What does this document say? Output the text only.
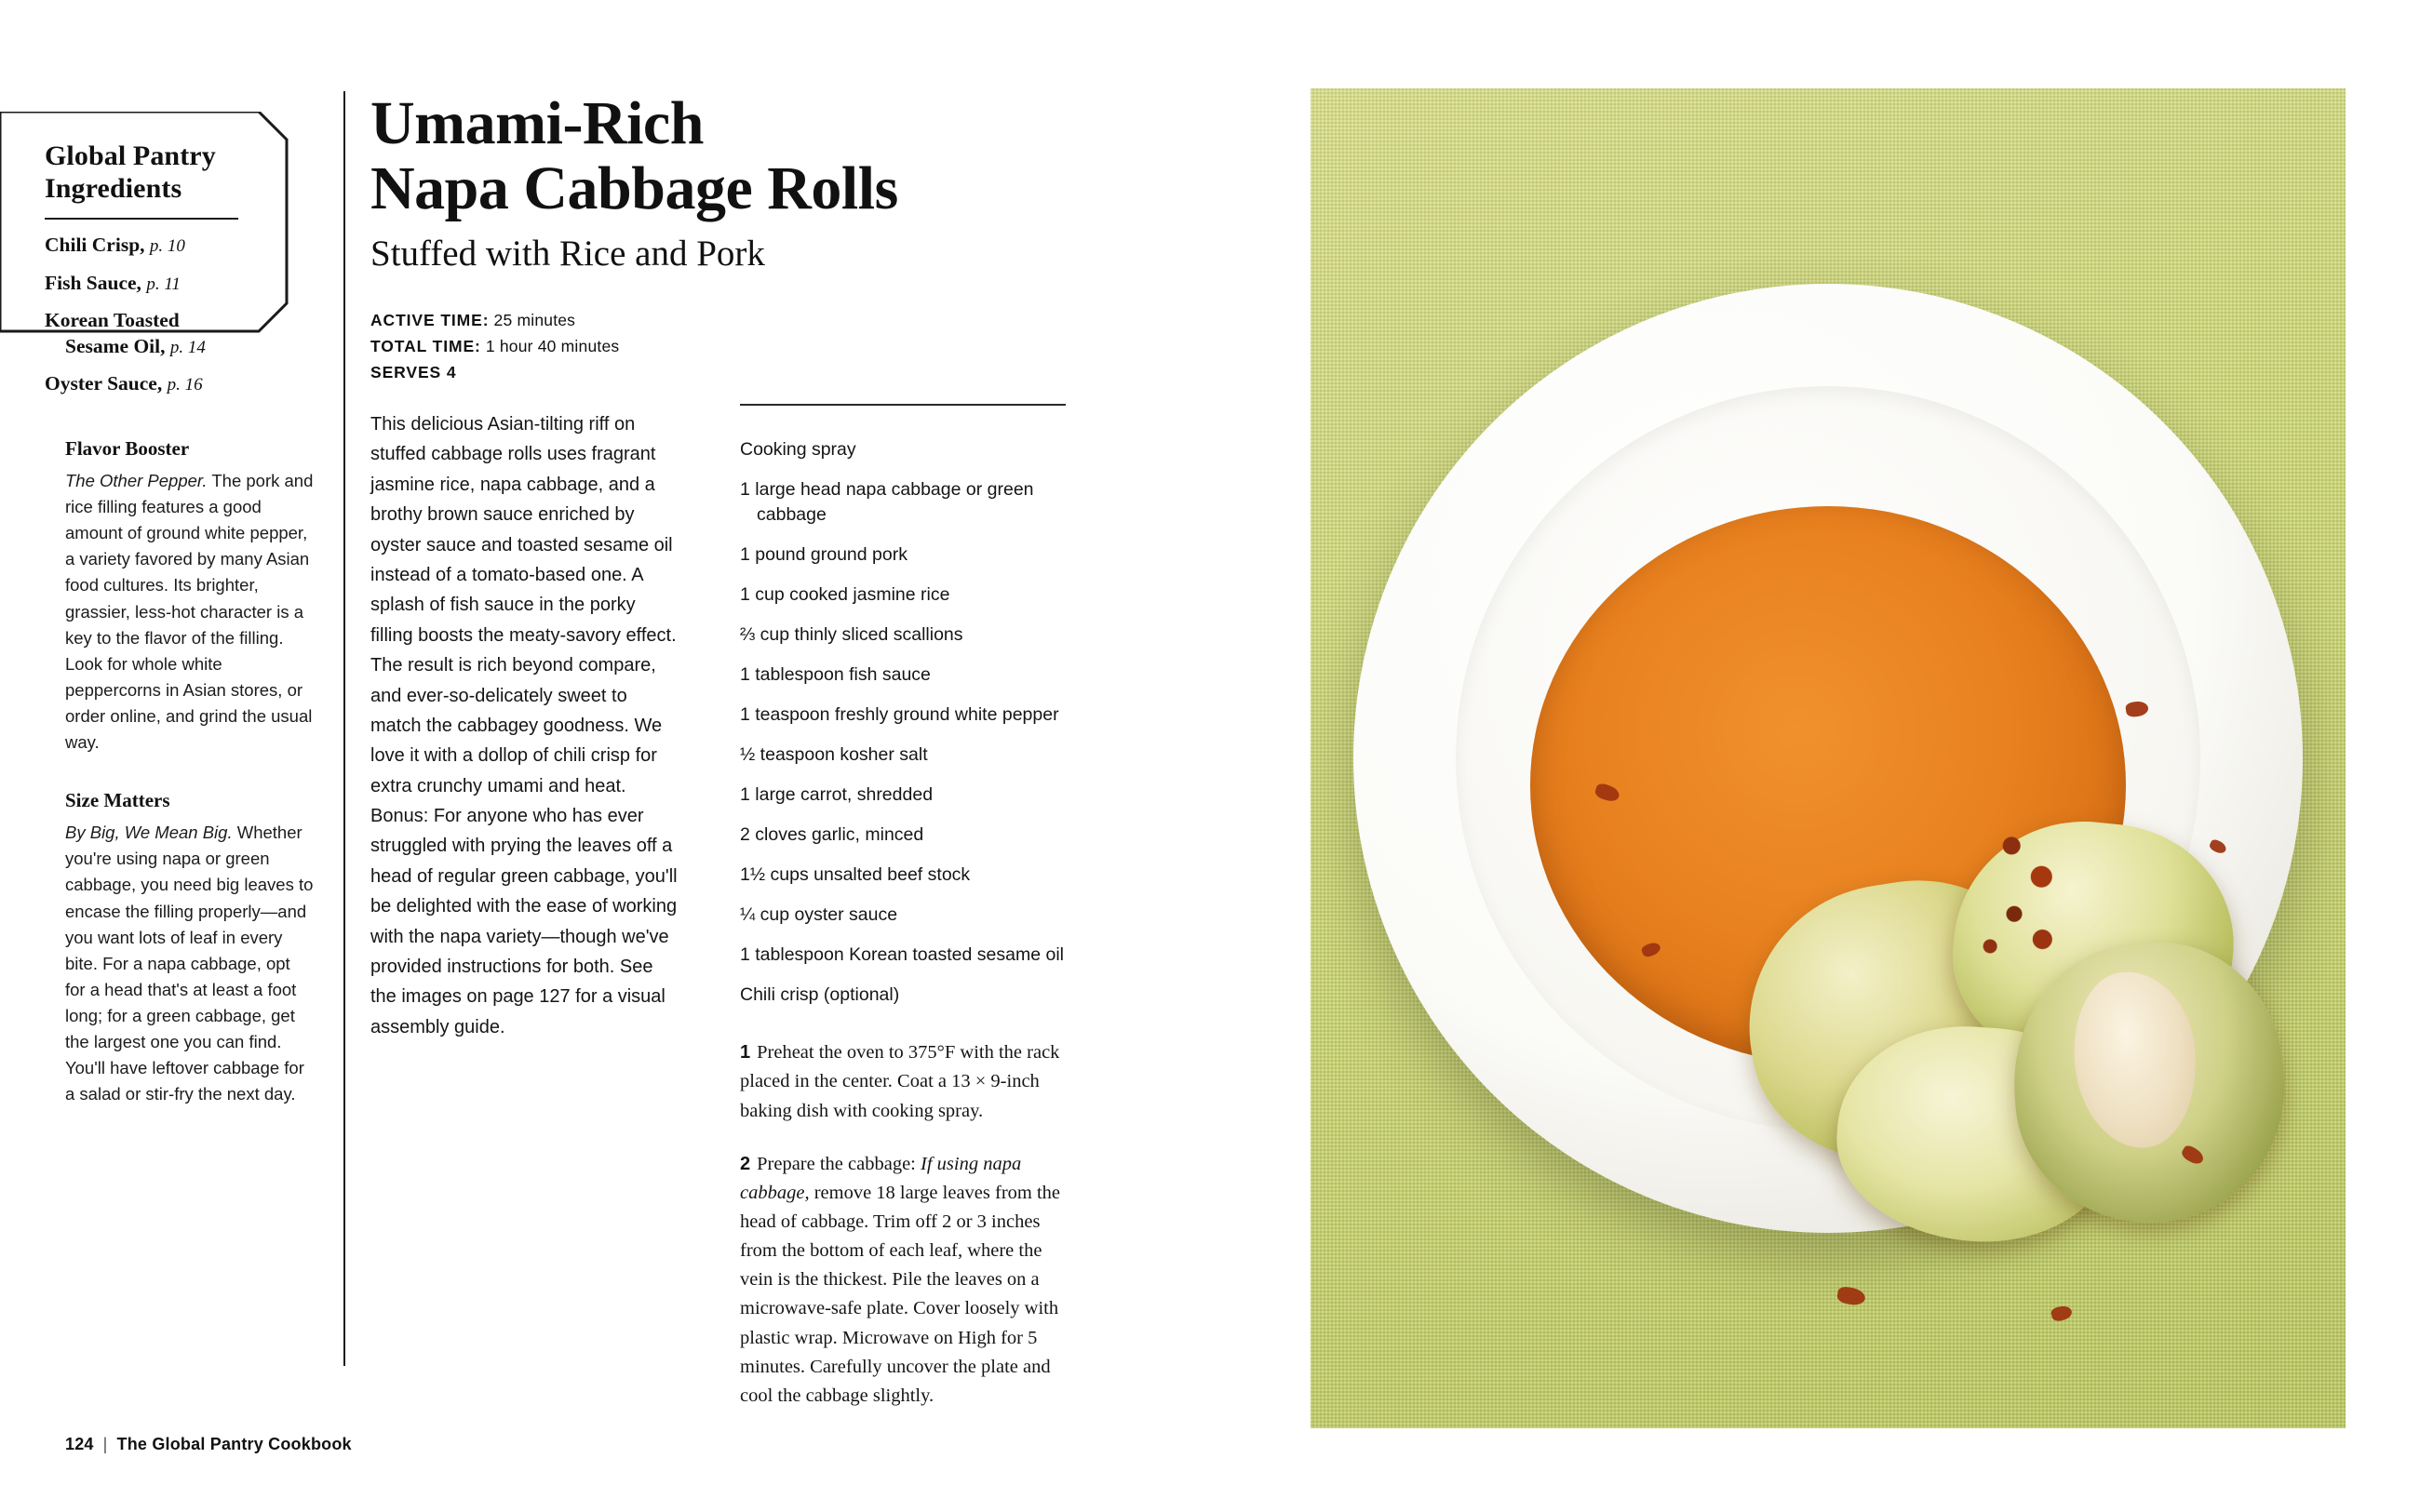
Global Pantry Ingredients
Chili Crisp, p. 10
Fish Sauce, p. 11
Korean Toasted
Sesame Oil, p. 14
Oyster Sauce, p. 16
Flavor Booster

The Other Pepper. The pork and rice filling features a good amount of ground white pepper, a variety favored by many Asian food cultures. Its brighter, grassier, less-hot character is a key to the flavor of the filling. Look for whole white peppercorns in Asian stores, or order online, and grind the usual way.

Size Matters

By Big, We Mean Big. Whether you're using napa or green cabbage, you need big leaves to encase the filling properly—and you want lots of leaf in every bite. For a napa cabbage, opt for a head that's at least a foot long; for a green cabbage, get the largest one you can find. You'll have leftover cabbage for a salad or stir-fry the next day.

Umami-Rich
Napa Cabbage Rolls
Stuffed with Rice and Pork
ACTIVE TIME: 25 minutes
TOTAL TIME: 1 hour 40 minutes
SERVES 4

This delicious Asian-tilting riff on stuffed cabbage rolls uses fragrant jasmine rice, napa cabbage, and a brothy brown sauce enriched by oyster sauce and toasted sesame oil instead of a tomato-based one. A splash of fish sauce in the porky filling boosts the meaty-savory effect. The result is rich beyond compare, and ever-so-delicately sweet to match the cabbagey goodness. We love it with a dollop of chili crisp for extra crunchy umami and heat. Bonus: For anyone who has ever struggled with prying the leaves off a head of regular green cabbage, you'll be delighted with the ease of working with the napa variety—though we've provided instructions for both. See the images on page 127 for a visual assembly guide.

Cooking spray
1 large head napa cabbage or green
cabbage
1 pound ground pork
1 cup cooked jasmine rice
⅔ cup thinly sliced scallions
1 tablespoon fish sauce
1 teaspoon freshly ground white pepper
½ teaspoon kosher salt
1 large carrot, shredded
2 cloves garlic, minced
1½ cups unsalted beef stock
¼ cup oyster sauce
1 tablespoon Korean toasted sesame oil
Chili crisp (optional)
1 Preheat the oven to 375°F with the rack placed in the center. Coat a 13 × 9-inch baking dish with cooking spray.
2 Prepare the cabbage: If using napa cabbage, remove 18 large leaves from the head of cabbage. Trim off 2 or 3 inches from the bottom of each leaf, where the vein is the thickest. Pile the leaves on a microwave-safe plate. Cover loosely with plastic wrap. Microwave on High for 5 minutes. Carefully uncover the plate and cool the cabbage slightly.
124 | The Global Pantry Cookbook
